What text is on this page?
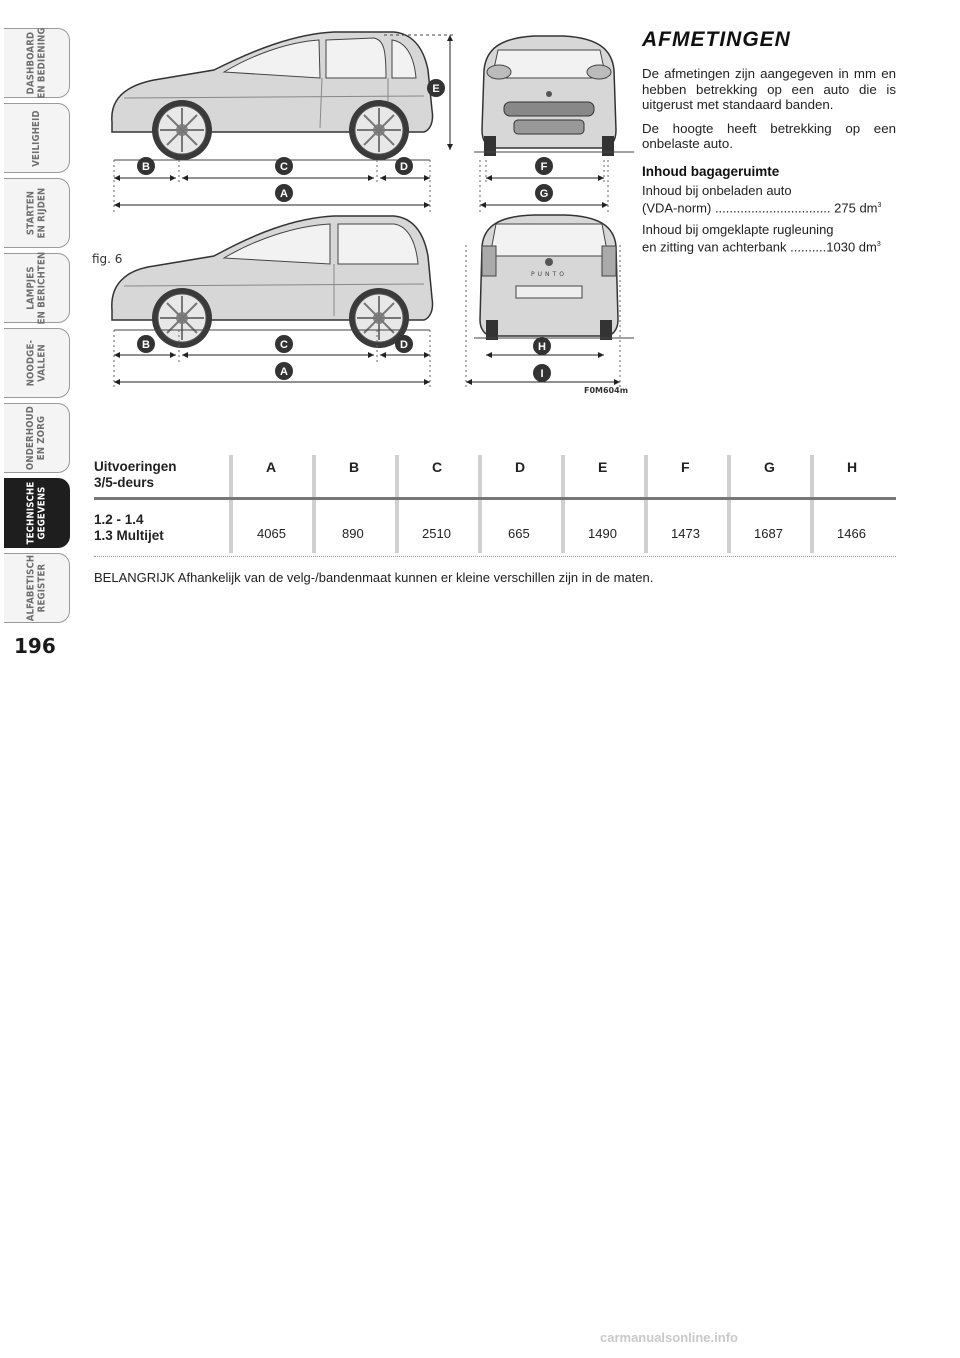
DASHBOARD
EN BEDIENING
VEILIGHEID
STARTEN
EN RIJDEN
LAMPJES
EN BERICHTEN
NOODGE-
VALLEN
ONDERHOUD
EN ZORG
TECHNISCHE
GEGEVENS
ALFABETISCH
REGISTER
196
fig. 6
PUNTO
B	C	D
A
E
F
G
B	C	D
A
H
I
F0M604m
AFMETINGEN

De afmetingen zijn aangegeven in mm en hebben betrekking op een auto die is uitgerust met standaard banden.

De hoogte heeft betrekking op een onbelaste auto.

Inhoud bagageruimte
Inhoud bij onbeladen auto
(VDA-norm) ................................ 275 $dm^3$
Inhoud bij omgeklapte rugleuning
en zitting van achterbank ..........1030 $dm^3$
Uitvoeringen
3/5-deurs
A	B	C	D	E	F	G	H
1.2 - 1.4
1.3 Multijet	4065	890	2510	665	1490	1473	1687	1466
BELANGRIJK Afhankelijk van de velg-/bandenmaat kunnen er kleine verschillen zijn in de maten.
carmanualsonline.info
